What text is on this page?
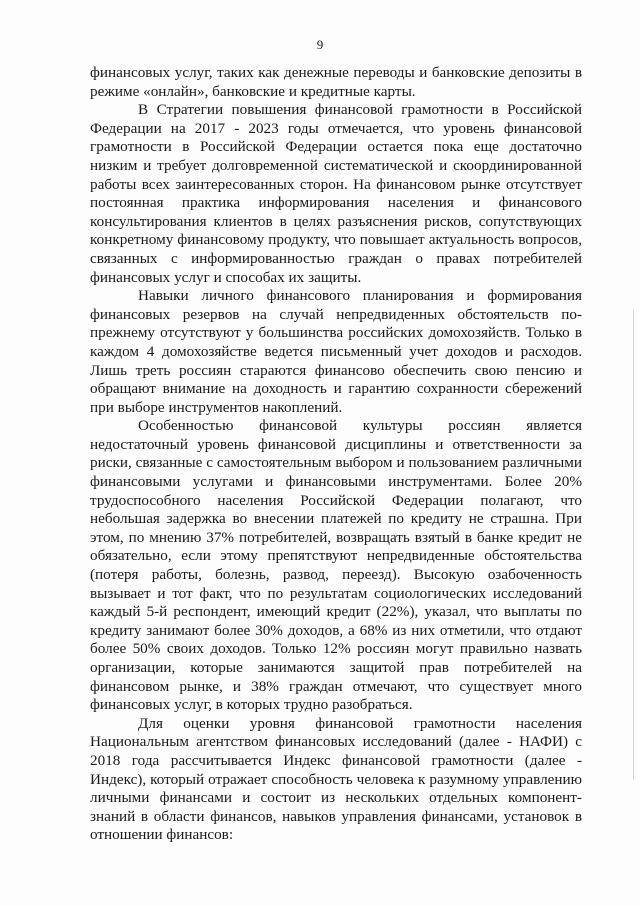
9

финансовых услуг, таких как денежные переводы и банковские депозиты в режиме «онлайн», банковские и кредитные карты.

В Стратегии повышения финансовой грамотности в Российской Федерации на 2017 - 2023 годы отмечается, что уровень финансовой грамотности в Российской Федерации остается пока еще достаточно низким и требует долговременной систематической и скоординированной работы всех заинтересованных сторон. На финансовом рынке отсутствует постоянная практика информирования населения и финансового консультирования клиентов в целях разъяснения рисков, сопутствующих конкретному финансовому продукту, что повышает актуальность вопросов, связанных с информированностью граждан о правах потребителей финансовых услуг и способах их защиты.

Навыки личного финансового планирования и формирования финансовых резервов на случай непредвиденных обстоятельств по-прежнему отсутствуют у большинства российских домохозяйств. Только в каждом 4 домохозяйстве ведется письменный учет доходов и расходов. Лишь треть россиян стараются финансово обеспечить свою пенсию и обращают внимание на доходность и гарантию сохранности сбережений при выборе инструментов накоплений.

Особенностью финансовой культуры россиян является недостаточный уровень финансовой дисциплины и ответственности за риски, связанные с самостоятельным выбором и пользованием различными финансовыми услугами и финансовыми инструментами. Более 20% трудоспособного населения Российской Федерации полагают, что небольшая задержка во внесении платежей по кредиту не страшна. При этом, по мнению 37% потребителей, возвращать взятый в банке кредит не обязательно, если этому препятствуют непредвиденные обстоятельства (потеря работы, болезнь, развод, переезд). Высокую озабоченность вызывает и тот факт, что по результатам социологических исследований каждый 5-й респондент, имеющий кредит (22%), указал, что выплаты по кредиту занимают более 30% доходов, а 68% из них отметили, что отдают более 50% своих доходов. Только 12% россиян могут правильно назвать организации, которые занимаются защитой прав потребителей на финансовом рынке, и 38% граждан отмечают, что существует много финансовых услуг, в которых трудно разобраться.

Для оценки уровня финансовой грамотности населения Национальным агентством финансовых исследований (далее - НАФИ) с 2018 года рассчитывается Индекс финансовой грамотности (далее - Индекс), который отражает способность человека к разумному управлению личными финансами и состоит из нескольких отдельных компонент-знаний в области финансов, навыков управления финансами, установок в отношении финансов:
